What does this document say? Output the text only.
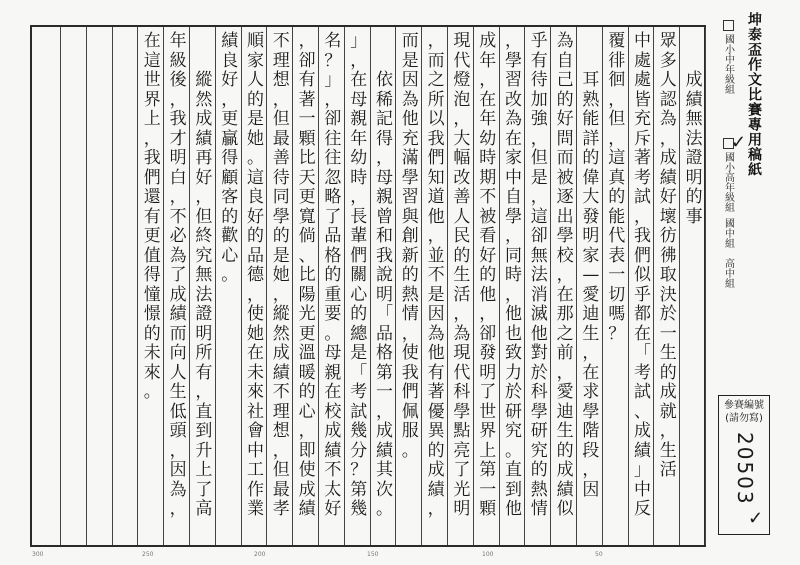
成
績
無
法
證
明
的
事
眾
多
人
認
為
，
成
績
好
壞
彷
彿
取
決
於
一
生
的
成
就
，
生
活
中
處
處
皆
充
斥
著
考
試
，
我
們
似
乎
都
在
「
考
試
、
成
績
」
中
反
覆
徘
徊
，
但
，
這
真
的
能
代
表
一
切
嗎
？
耳
熟
能
詳
的
偉
大
發
明
家
—
愛
迪
生
，
在
求
學
階
段
，
因
為
自
己
的
好
問
而
被
逐
出
學
校
，
在
那
之
前
，
愛
迪
生
的
成
績
似
乎
有
待
加
強
，
但
是
，
這
卻
無
法
消
滅
他
對
於
科
學
研
究
的
熱
情
，
學
習
改
為
在
家
中
自
學
，
同
時
，
他
也
致
力
於
研
究
。
直
到
他
成
年
，
在
年
幼
時
期
不
被
看
好
的
他
，
卻
發
明
了
世
界
上
第
一
顆
現
代
燈
泡
，
大
幅
改
善
人
民
的
生
活
，
為
現
代
科
學
點
亮
了
光
明
，
而
之
所
以
我
們
知
道
他
，
並
不
是
因
為
他
有
著
優
異
的
成
績
，
而
是
因
為
他
充
滿
學
習
與
創
新
的
熱
情
，
使
我
們
佩
服
。
依
稀
記
得
，
母
親
曾
和
我
說
明
「
品
格
第
一
，
成
績
其
次
。
」
，
在
母
親
年
幼
時
，
長
輩
們
關
心
的
總
是
「
考
試
幾
分
？
第
幾
名
？
」
，
卻
往
往
忽
略
了
品
格
的
重
要
。
母
親
在
校
成
績
不
太
好
，
卻
有
著
一
顆
比
天
更
寬
倘
、
比
陽
光
更
溫
暖
的
心
，
即
使
成
績
不
理
想
，
但
最
善
待
同
學
的
是
她
，
縱
然
成
績
不
理
想
，
但
最
孝
順
家
人
的
是
她
。
這
良
好
的
品
德
，
使
她
在
未
來
社
會
中
工
作
業
績
良
好
，
更
贏
得
顧
客
的
歡
心
。
縱
然
成
績
再
好
，
但
終
究
無
法
證
明
所
有
，
直
到
升
上
了
高
年
級
後
，
我
才
明
白
，
不
必
為
了
成
績
而
向
人
生
低
頭
，
因
為
，
在
這
世
界
上
，
我
們
還
有
更
值
得
憧
憬
的
未
來
。
坤泰盃作文比賽專用稿紙
國小中年級組
國小高年級組
✓
國中組
高中組
參賽編號
(請勿寫)
20503
✓
300	250	200	150	100	50
